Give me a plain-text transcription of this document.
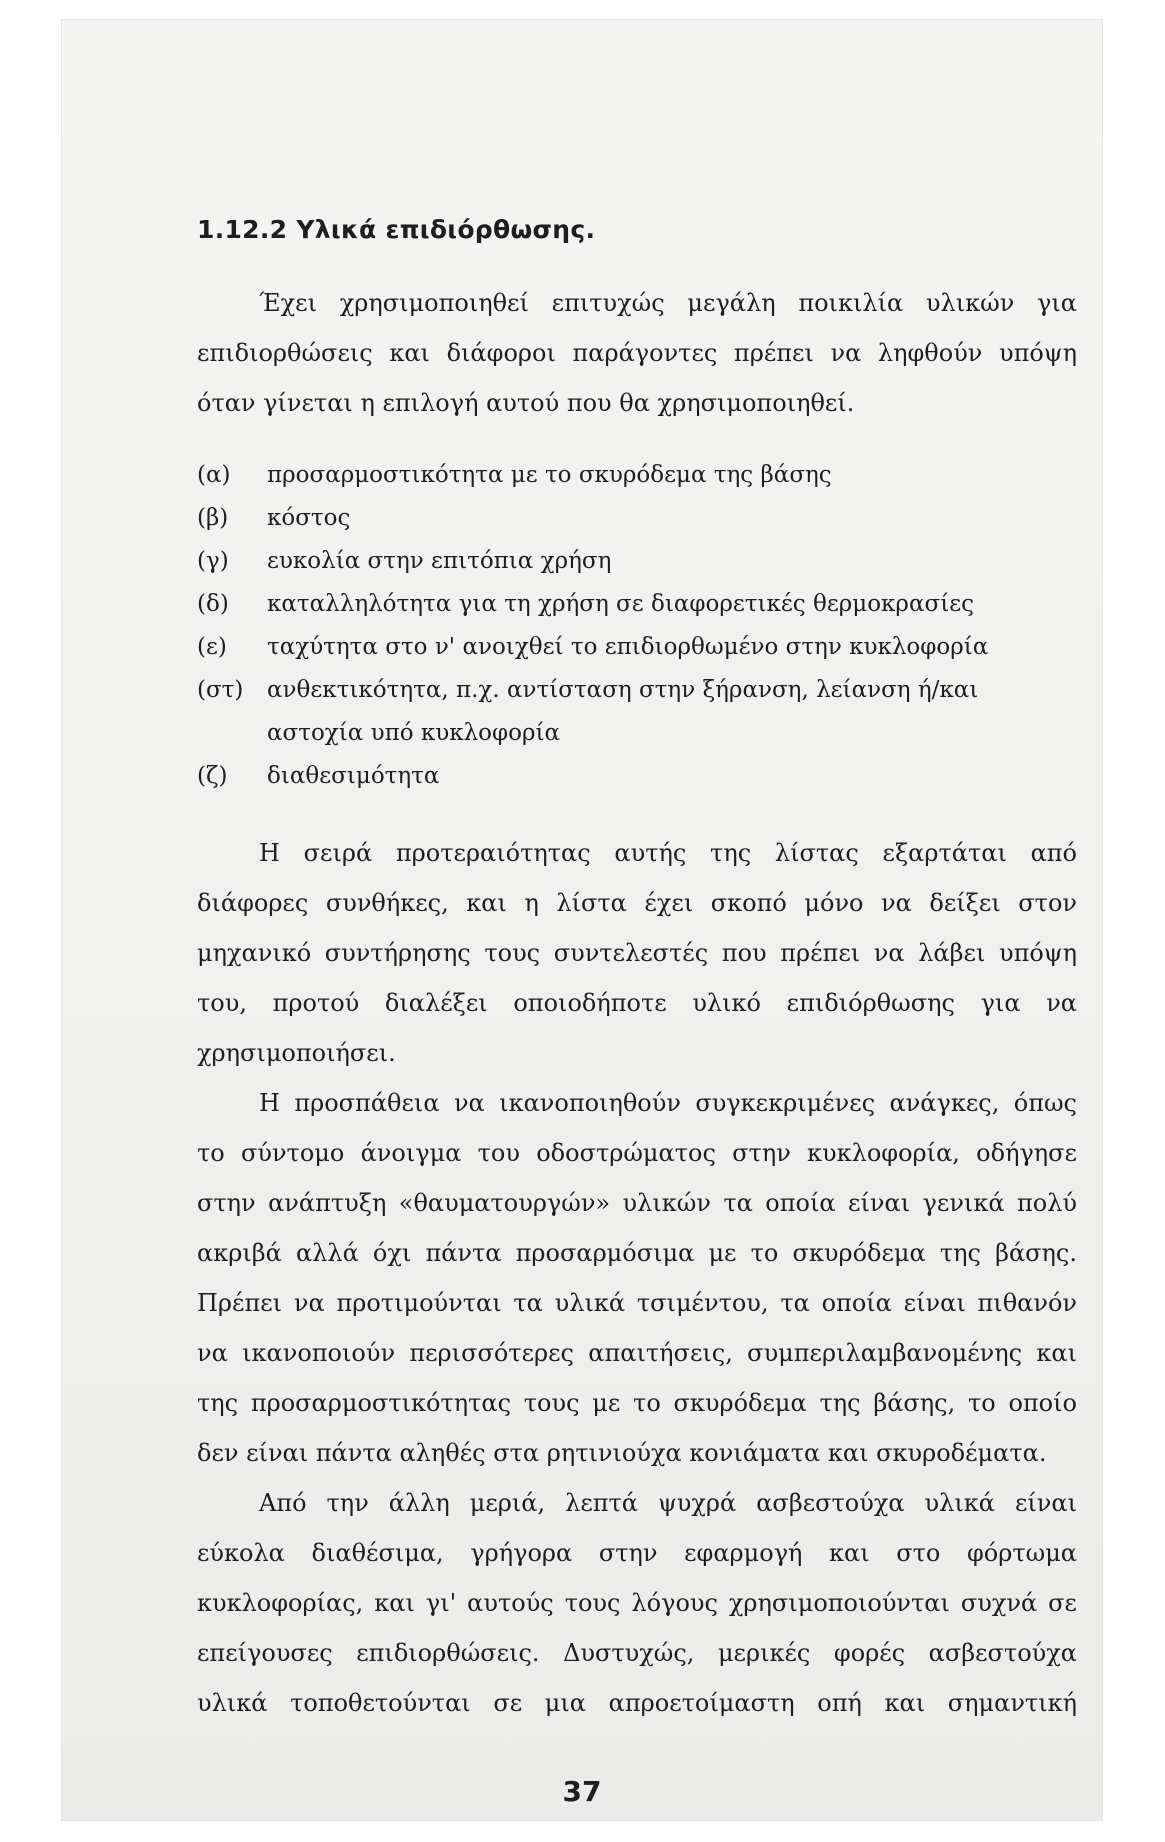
1.12.2 Υλικά επιδιόρθωσης.

Έχει χρησιμοποιηθεί επιτυχώς μεγάλη ποικιλία υλικών για
επιδιορθώσεις και διάφοροι παράγοντες πρέπει να ληφθούν υπόψη
όταν γίνεται η επιλογή αυτού που θα χρησιμοποιηθεί.

(α)	προσαρμοστικότητα με το σκυρόδεμα της βάσης
(β)	κόστος
(γ)	ευκολία στην επιτόπια χρήση
(δ)	καταλληλότητα για τη χρήση σε διαφορετικές θερμοκρασίες
(ε)	ταχύτητα στο ν' ανοιχθεί το επιδιορθωμένο στην κυκλοφορία
(στ)	ανθεκτικότητα, π.χ. αντίσταση στην ξήρανση, λείανση ή/και
αστοχία υπό κυκλοφορία
(ζ)	διαθεσιμότητα

Η σειρά προτεραιότητας αυτής της λίστας εξαρτάται από
διάφορες συνθήκες, και η λίστα έχει σκοπό μόνο να δείξει στον
μηχανικό συντήρησης τους συντελεστές που πρέπει να λάβει υπόψη
του, προτού διαλέξει οποιοδήποτε υλικό επιδιόρθωσης για να
χρησιμοποιήσει.

Η προσπάθεια να ικανοποιηθούν συγκεκριμένες ανάγκες, όπως
το σύντομο άνοιγμα του οδοστρώματος στην κυκλοφορία, οδήγησε
στην ανάπτυξη «θαυματουργών» υλικών τα οποία είναι γενικά πολύ
ακριβά αλλά όχι πάντα προσαρμόσιμα με το σκυρόδεμα της βάσης.
Πρέπει να προτιμούνται τα υλικά τσιμέντου, τα οποία είναι πιθανόν
να ικανοποιούν περισσότερες απαιτήσεις, συμπεριλαμβανομένης και
της προσαρμοστικότητας τους με το σκυρόδεμα της βάσης, το οποίο
δεν είναι πάντα αληθές στα ρητινιούχα κονιάματα και σκυροδέματα.

Από την άλλη μεριά, λεπτά ψυχρά ασβεστούχα υλικά είναι
εύκολα διαθέσιμα, γρήγορα στην εφαρμογή και στο φόρτωμα
κυκλοφορίας, και γι' αυτούς τους λόγους χρησιμοποιούνται συχνά σε
επείγουσες επιδιορθώσεις. Δυστυχώς, μερικές φορές ασβεστούχα
υλικά τοποθετούνται σε μια απροετοίμαστη οπή και σημαντική

37
